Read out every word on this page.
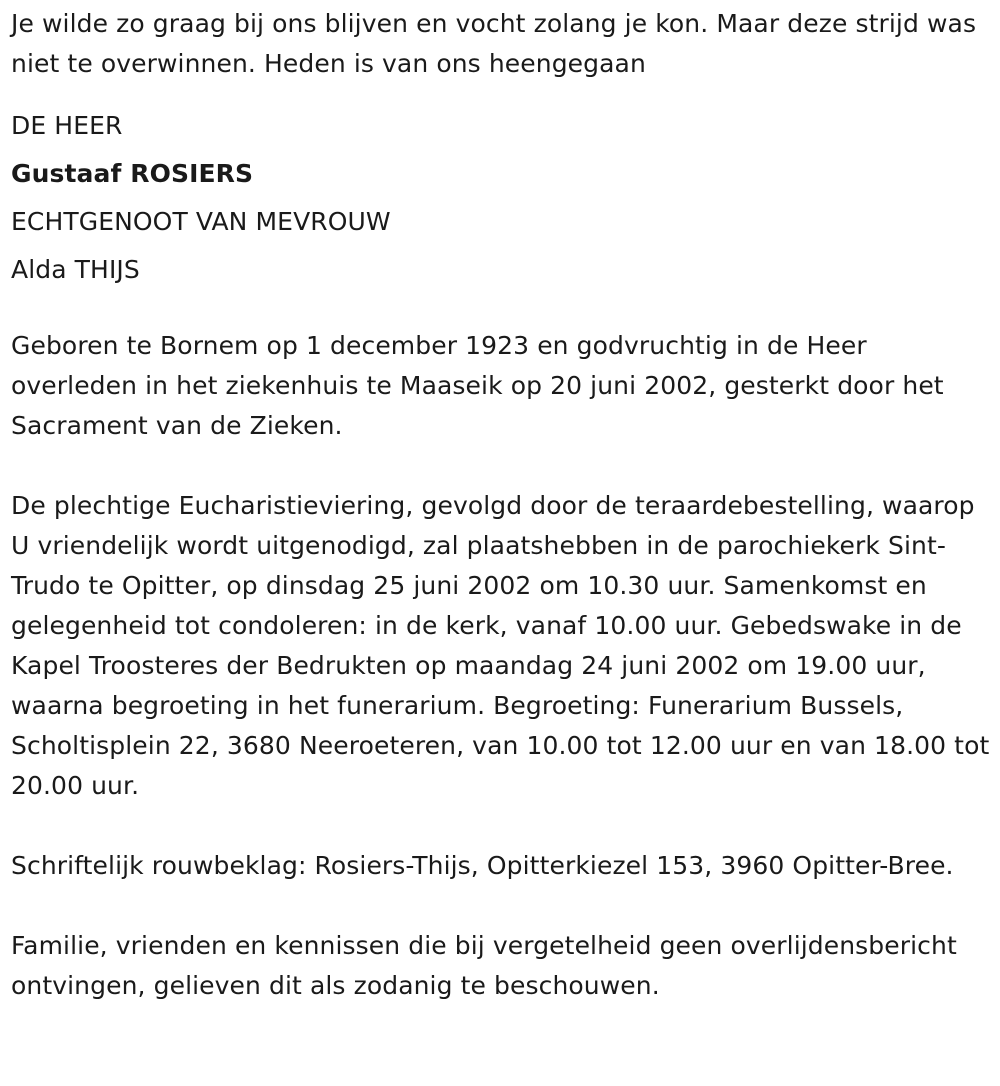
Je wilde zo graag bij ons blijven en vocht zolang je kon. Maar deze strijd was niet te overwinnen. Heden is van ons heengegaan

DE HEER

Gustaaf ROSIERS

ECHTGENOOT VAN MEVROUW

Alda THIJS

Geboren te Bornem op 1 december 1923 en godvruchtig in de Heer overleden in het ziekenhuis te Maaseik op 20 juni 2002, gesterkt door het Sacrament van de Zieken.

De plechtige Eucharistieviering, gevolgd door de teraardebestelling, waarop U vriendelijk wordt uitgenodigd, zal plaatshebben in de parochiekerk Sint-Trudo te Opitter, op dinsdag 25 juni 2002 om 10.30 uur. Samenkomst en gelegenheid tot condoleren: in de kerk, vanaf 10.00 uur. Gebedswake in de Kapel Troosteres der Bedrukten op maandag 24 juni 2002 om 19.00 uur, waarna begroeting in het funerarium. Begroeting: Funerarium Bussels, Scholtisplein 22, 3680 Neeroeteren, van 10.00 tot 12.00 uur en van 18.00 tot 20.00 uur.

Schriftelijk rouwbeklag: Rosiers-Thijs, Opitterkiezel 153, 3960 Opitter-Bree.

Familie, vrienden en kennissen die bij vergetelheid geen overlijdensbericht ontvingen, gelieven dit als zodanig te beschouwen.
